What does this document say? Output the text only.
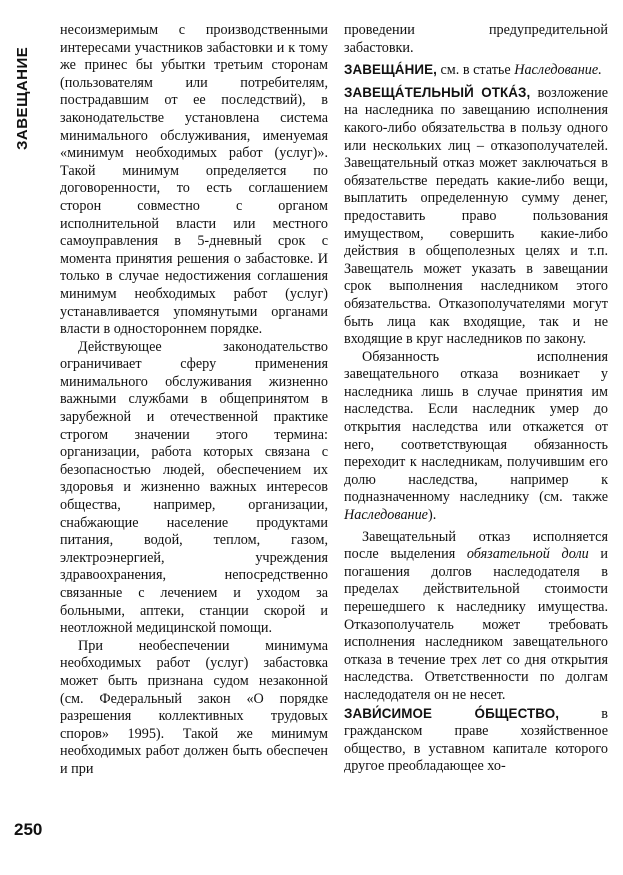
ЗАВЕЩАНИЕ

несоизмеримым с производственными интересами участников забастовки и к тому же принес бы убытки третьим сторонам (пользователям или потребителям, пострадавшим от ее последствий), в законодательстве установлена система минимального обслуживания, именуемая «минимум необходимых работ (услуг)». Такой минимум определяется по договоренности, то есть соглашением сторон совместно с органом исполнительной власти или местного самоуправления в 5-дневный срок с момента принятия решения о забастовке. И только в случае недостижения соглашения минимум необходимых работ (услуг) устанавливается упомянутыми органами власти в одностороннем порядке.

Действующее законодательство ограничивает сферу применения минимального обслуживания жизненно важными службами в общепринятом в зарубежной и отечественной практике строгом значении этого термина: организации, работа которых связана с безопасностью людей, обеспечением их здоровья и жизненно важных интересов общества, например, организации, снабжающие население продуктами питания, водой, теплом, газом, электроэнергией, учреждения здравоохранения, непосредственно связанные с лечением и уходом за больными, аптеки, станции скорой и неотложной медицинской помощи.

При необеспечении минимума необходимых работ (услуг) забастовка может быть признана судом незаконной (см. Федеральный закон «О порядке разрешения коллективных трудовых споров» 1995). Такой же минимум необходимых работ должен быть обеспечен и при

проведении предупредительной забастовки.

ЗАВЕЩÁНИЕ, см. в статье Наследование.

ЗАВЕЩÁТЕЛЬНЫЙ ОТКÁЗ, возложение на наследника по завещанию исполнения какого-либо обязательства в пользу одного или нескольких лиц – отказополучателей. Завещательный отказ может заключаться в обязательстве передать какие-либо вещи, выплатить определенную сумму денег, предоставить право пользования имуществом, совершить какие-либо действия в общеполезных целях и т.п. Завещатель может указать в завещании срок выполнения наследником этого обязательства. Отказополучателями могут быть лица как входящие, так и не входящие в круг наследников по закону.

Обязанность исполнения завещательного отказа возникает у наследника лишь в случае принятия им наследства. Если наследник умер до открытия наследства или откажется от него, соответствующая обязанность переходит к наследникам, получившим его долю наследства, например к подназначенному наследнику (см. также Наследование).

Завещательный отказ исполняется после выделения обязательной доли и погашения долгов наследодателя в пределах действительной стоимости перешедшего к наследнику имущества. Отказополучатель может требовать исполнения наследником завещательного отказа в течение трех лет со дня открытия наследства. Ответственности по долгам наследодателя он не несет.

ЗАВИ́СИМОЕ ÓБЩЕСТВО, в гражданском праве хозяйственное общество, в уставном капитале которого другое преобладающее хо-

250
